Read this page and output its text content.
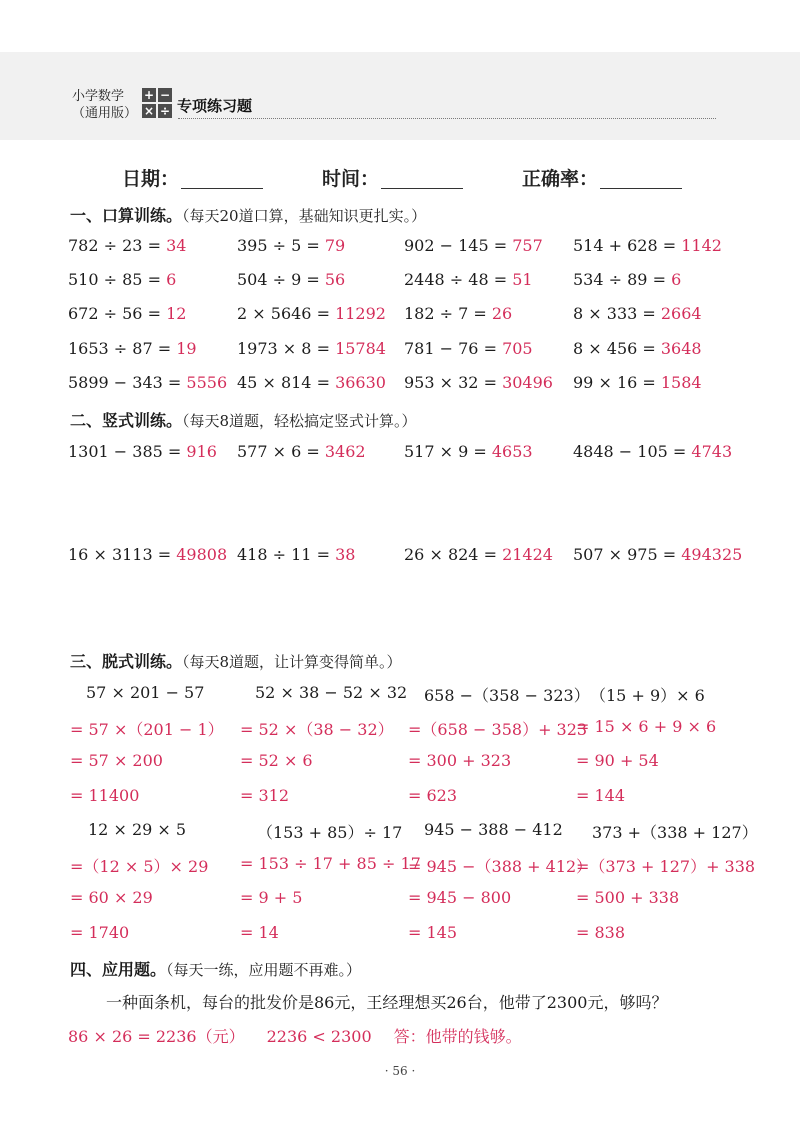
小学数学
（通用版）
+ −
× ÷ 专项练习题
日期：	时间：	正确率：
一、口算训练。（每天20道口算，基础知识更扎实。）
782 ÷ 23 = 34	395 ÷ 5 = 79	902 − 145 = 757 514 + 628 = 1142
510 ÷ 85 = 6	504 ÷ 9 = 56	2448 ÷ 48 = 51	534 ÷ 89 = 6
672 ÷ 56 = 12	2 × 5646 = 11292 182 ÷ 7 = 26	8 × 333 = 2664
1653 ÷ 87 = 19	1973 × 8 = 15784 781 − 76 = 705	8 × 456 = 3648
5899 − 343 = 5556 45 × 814 = 36630 953 × 32 = 30496 99 × 16 = 1584
二、竖式训练。（每天8道题，轻松搞定竖式计算。）
1301 − 385 = 916 577 × 6 = 3462 517 × 9 = 4653	4848 − 105 = 4743
16 × 3113 = 49808 418 ÷ 11 = 38	26 × 824 = 21424 507 × 975 = 494325
三、脱式训练。（每天8道题，让计算变得简单。）
57 × 201 − 57
= 57 ×（201 − 1）
= 57 × 200
= 11400
52 × 38 − 52 × 32
= 52 ×（38 − 32）
= 52 × 6
= 312
658 −（358 − 323）
=（658 − 358）+ 323
= 300 + 323
= 623
（15 + 9）× 6
= 15 × 6 + 9 × 6
= 90 + 54
= 144
12 × 29 × 5
=（12 × 5）× 29
= 60 × 29
= 1740
（153 + 85）÷ 17
= 153 ÷ 17 + 85 ÷ 17
= 9 + 5
= 14
945 − 388 − 412
= 945 −（388 + 412）
= 945 − 800
= 145
373 +（338 + 127）
=（373 + 127）+ 338
= 500 + 338
= 838
四、应用题。（每天一练，应用题不再难。）
一种面条机，每台的批发价是86元，王经理想买26台，他带了2300元，够吗？
86 × 26 = 2236（元） 2236 < 2300 答：他带的钱够。
· 56 ·
